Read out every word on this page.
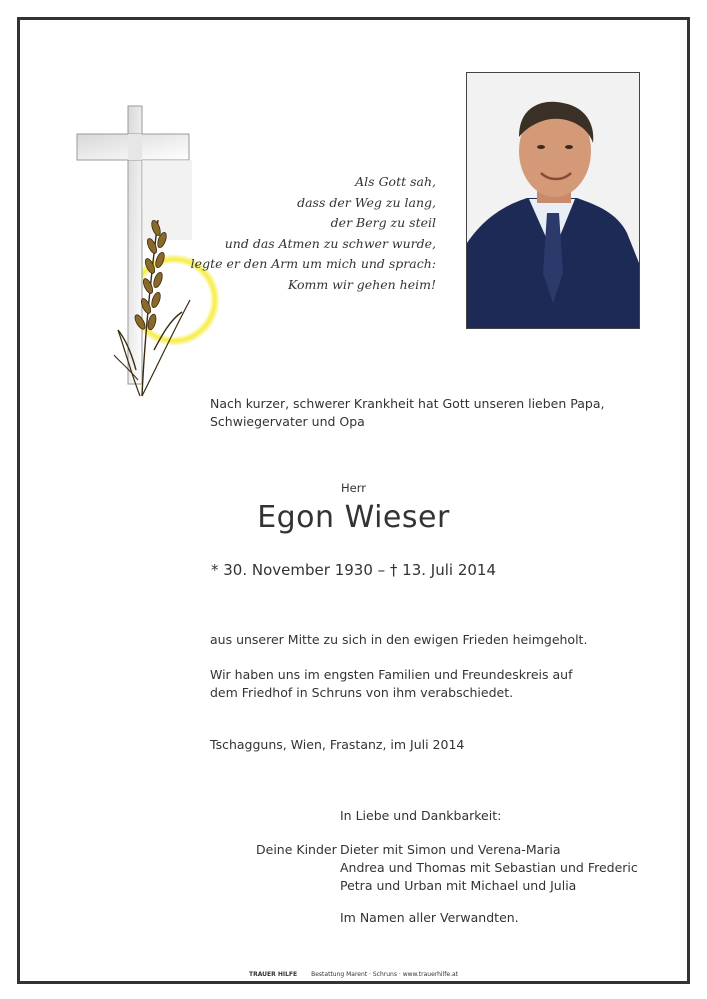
Als Gott sah,
dass der Weg zu lang,
der Berg zu steil
und das Atmen zu schwer wurde,
legte er den Arm um mich und sprach:
Komm wir gehen heim!
Nach kurzer, schwerer Krankheit hat Gott unseren lieben Papa,
Schwiegervater und Opa
Herr
Egon Wieser
* 30. November 1930 – † 13. Juli 2014
aus unserer Mitte zu sich in den ewigen Frieden heimgeholt.
Wir haben uns im engsten Familien und Freundeskreis auf
dem Friedhof in Schruns von ihm verabschiedet.
Tschagguns, Wien, Frastanz, im Juli 2014
In Liebe und Dankbarkeit:
Deine Kinder Dieter mit Simon und Verena-Maria
Andrea und Thomas mit Sebastian und Frederic
Petra und Urban mit Michael und Julia
Im Namen aller Verwandten.
TRAUER HILFE Bestattung Marent · Schruns · www.trauerhilfe.at
